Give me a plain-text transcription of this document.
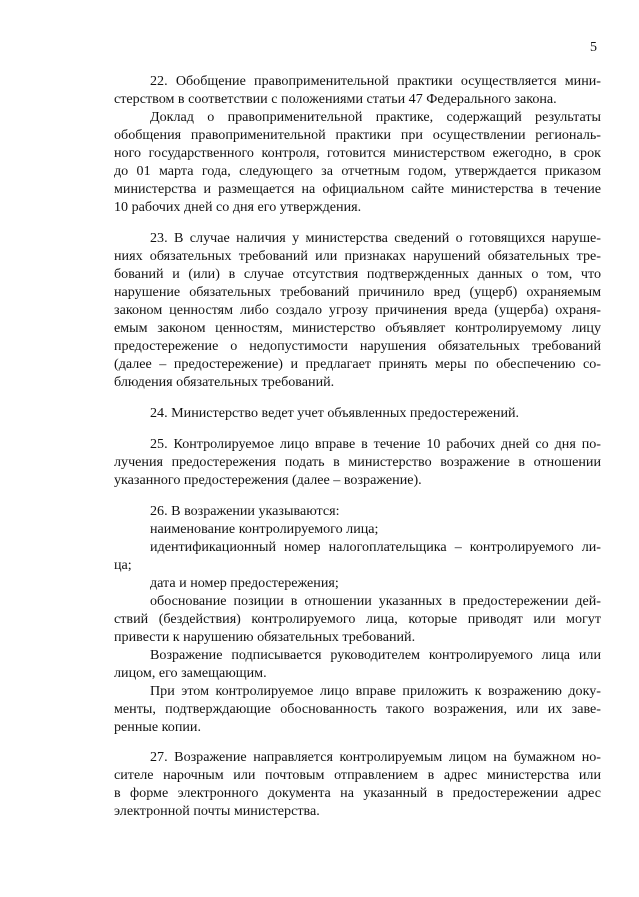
5
22. Обобщение правоприменительной практики осуществляется мини-
стерством в соответствии с положениями статьи 47 Федерального закона.
Доклад о правоприменительной практике, содержащий результаты
обобщения правоприменительной практики при осуществлении региональ-
ного государственного контроля, готовится министерством ежегодно, в срок
до 01 марта года, следующего за отчетным годом, утверждается приказом
министерства и размещается на официальном сайте министерства в течение
10 рабочих дней со дня его утверждения.
23. В случае наличия у министерства сведений о готовящихся наруше-
ниях обязательных требований или признаках нарушений обязательных тре-
бований и (или) в случае отсутствия подтвержденных данных о том, что
нарушение обязательных требований причинило вред (ущерб) охраняемым
законом ценностям либо создало угрозу причинения вреда (ущерба) охраня-
емым законом ценностям, министерство объявляет контролируемому лицу
предостережение о недопустимости нарушения обязательных требований
(далее – предостережение) и предлагает принять меры по обеспечению со-
блюдения обязательных требований.
24. Министерство ведет учет объявленных предостережений.
25. Контролируемое лицо вправе в течение 10 рабочих дней со дня по-
лучения предостережения подать в министерство возражение в отношении
указанного предостережения (далее – возражение).
26. В возражении указываются:
наименование контролируемого лица;
идентификационный номер налогоплательщика – контролируемого ли-
ца;
дата и номер предостережения;
обоснование позиции в отношении указанных в предостережении дей-
ствий (бездействия) контролируемого лица, которые приводят или могут
привести к нарушению обязательных требований.
Возражение подписывается руководителем контролируемого лица или
лицом, его замещающим.
При этом контролируемое лицо вправе приложить к возражению доку-
менты, подтверждающие обоснованность такого возражения, или их заве-
ренные копии.
27. Возражение направляется контролируемым лицом на бумажном но-
сителе нарочным или почтовым отправлением в адрес министерства или
в форме электронного документа на указанный в предостережении адрес
электронной почты министерства.
